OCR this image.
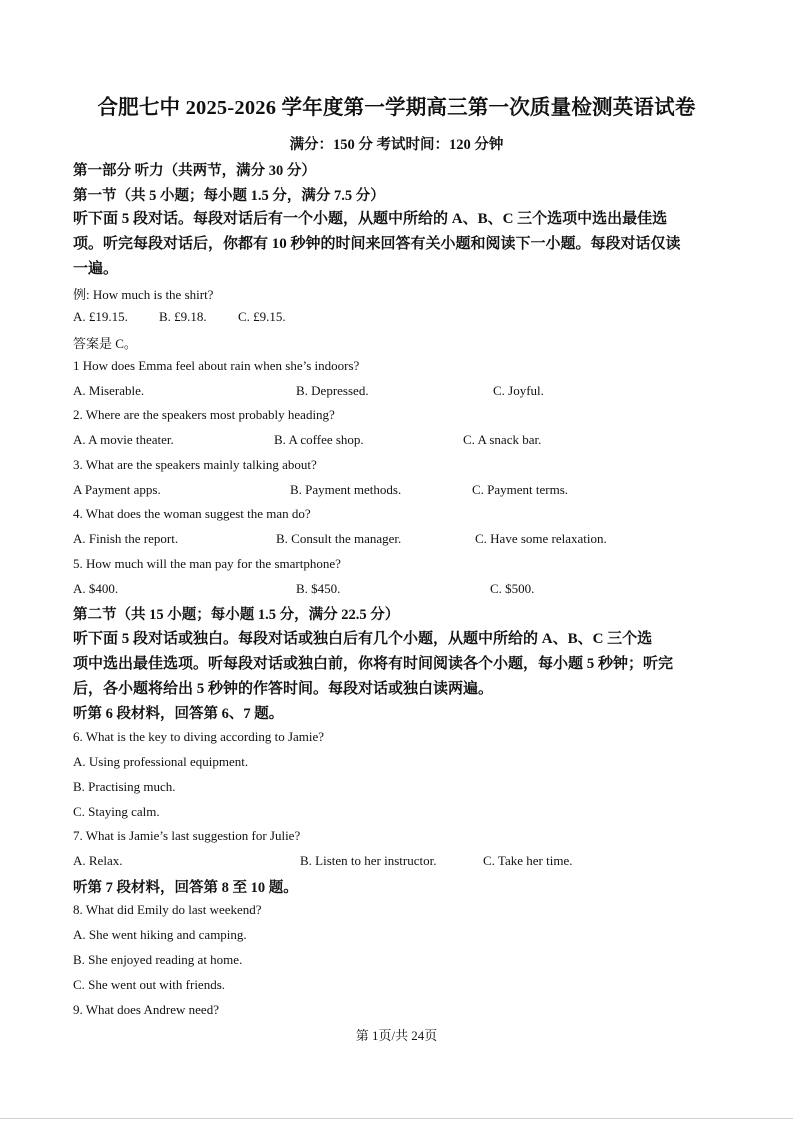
合肥七中 2025-2026 学年度第一学期高三第一次质量检测英语试卷
满分：150 分 考试时间：120 分钟
第一部分 听力（共两节，满分 30 分）
第一节（共 5 小题；每小题 1.5 分，满分 7.5 分）
听下面 5 段对话。每段对话后有一个小题，从题中所给的 A、B、C 三个选项中选出最佳选
项。听完每段对话后，你都有 10 秒钟的时间来回答有关小题和阅读下一小题。每段对话仅读
一遍。
例: How much is the shirt?
A. £19.15. B. £9.18. C. £9.15.
答案是 C。
1 How does Emma feel about rain when she’s indoors?
A. Miserable.	B. Depressed.	C. Joyful.
2. Where are the speakers most probably heading?
A. A movie theater.	B. A coffee shop.	C. A snack bar.
3. What are the speakers mainly talking about?
A Payment apps.	B. Payment methods.	C. Payment terms.
4. What does the woman suggest the man do?
A. Finish the report.	B. Consult the manager.	C. Have some relaxation.
5. How much will the man pay for the smartphone?
A. $400.	B. $450.	C. $500.
第二节（共 15 小题；每小题 1.5 分，满分 22.5 分）
听下面 5 段对话或独白。每段对话或独白后有几个小题，从题中所给的 A、B、C 三个选
项中选出最佳选项。听每段对话或独白前，你将有时间阅读各个小题，每小题 5 秒钟；听完
后，各小题将给出 5 秒钟的作答时间。每段对话或独白读两遍。
听第 6 段材料，回答第 6、7 题。
6. What is the key to diving according to Jamie?
A. Using professional equipment.
B. Practising much.
C. Staying calm.
7. What is Jamie’s last suggestion for Julie?
A. Relax.	B. Listen to her instructor.	C. Take her time.
听第 7 段材料，回答第 8 至 10 题。
8. What did Emily do last weekend?
A. She went hiking and camping.
B. She enjoyed reading at home.
C. She went out with friends.
9. What does Andrew need?
第 1页/共 24页
